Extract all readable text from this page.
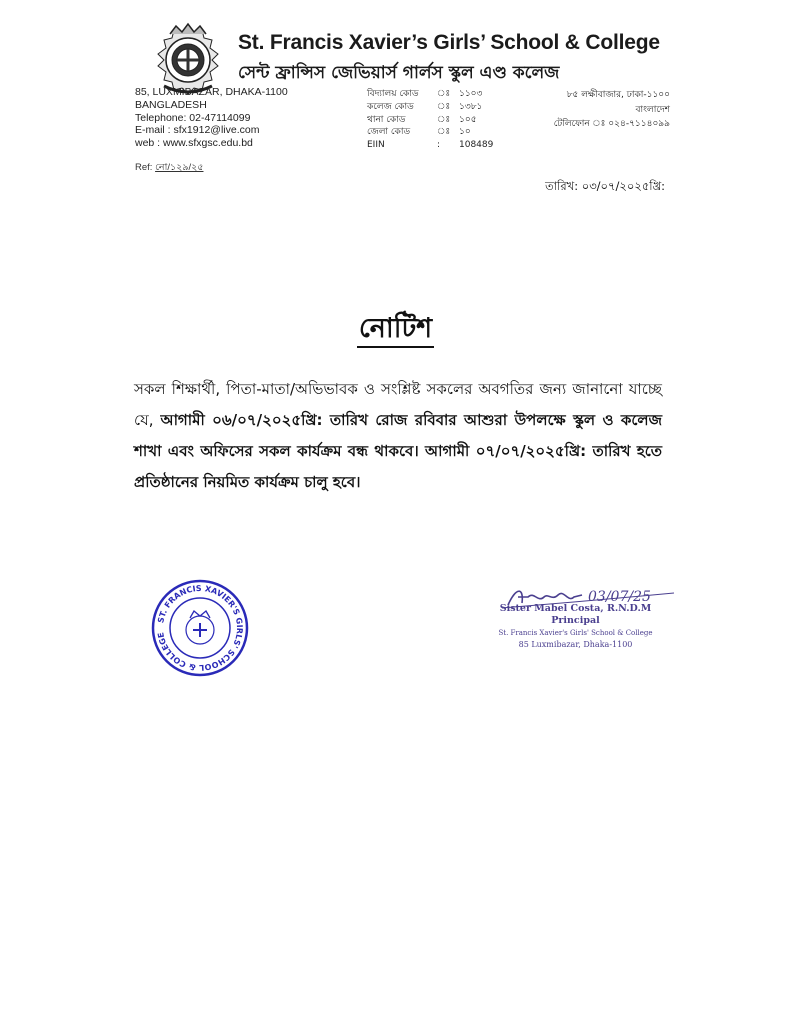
St. Francis Xavier’s Girls’ School & College
সেন্ট ফ্রান্সিস জেভিয়ার্স গার্লস স্কুল এণ্ড কলেজ
85, LUXMIBAZAR, DHAKA-1100
BANGLADESH
Telephone: 02-47114099
E-mail : sfx1912@live.com
web : www.sfxgsc.edu.bd
বিদ্যালয় কোড	ঃ ১১০৩
কলেজ কোড	ঃ ১৩৮১
থানা কোড	ঃ ১০৫
জেলা কোড	ঃ ১০
EIIN	:	108489
৮৫ লক্ষীবাজার, ঢাকা-১১০০
বাংলাদেশ
টেলিফোন ঃ ০২৪-৭১১৪০৯৯
Ref: নো/১২৯/২৫
তারিখ: ০৩/০৭/২০২৫খ্রি:
নোটিশ
সকল শিক্ষার্থী, পিতা-মাতা/অভিভাবক ও সংশ্লিষ্ট সকলের অবগতির জন্য জানানো যাচ্ছে যে, আগামী ০৬/০৭/২০২৫খ্রি: তারিখ রোজ রবিবার আশুরা উপলক্ষে স্কুল ও কলেজ শাখা এবং অফিসের সকল কার্যক্রম বন্ধ থাকবে। আগামী ০৭/০৭/২০২৫খ্রি: তারিখ হতে প্রতিষ্ঠানের নিয়মিত কার্যক্রম চালু হবে।
ST. FRANCIS XAVIER'S GIRLS' SCHOOL & COLLEGE
03/07/25
Sister Mabel Costa, R.N.D.M
Principal
St. Francis Xavier's Girls' School & College
85 Luxmibazar, Dhaka-1100
